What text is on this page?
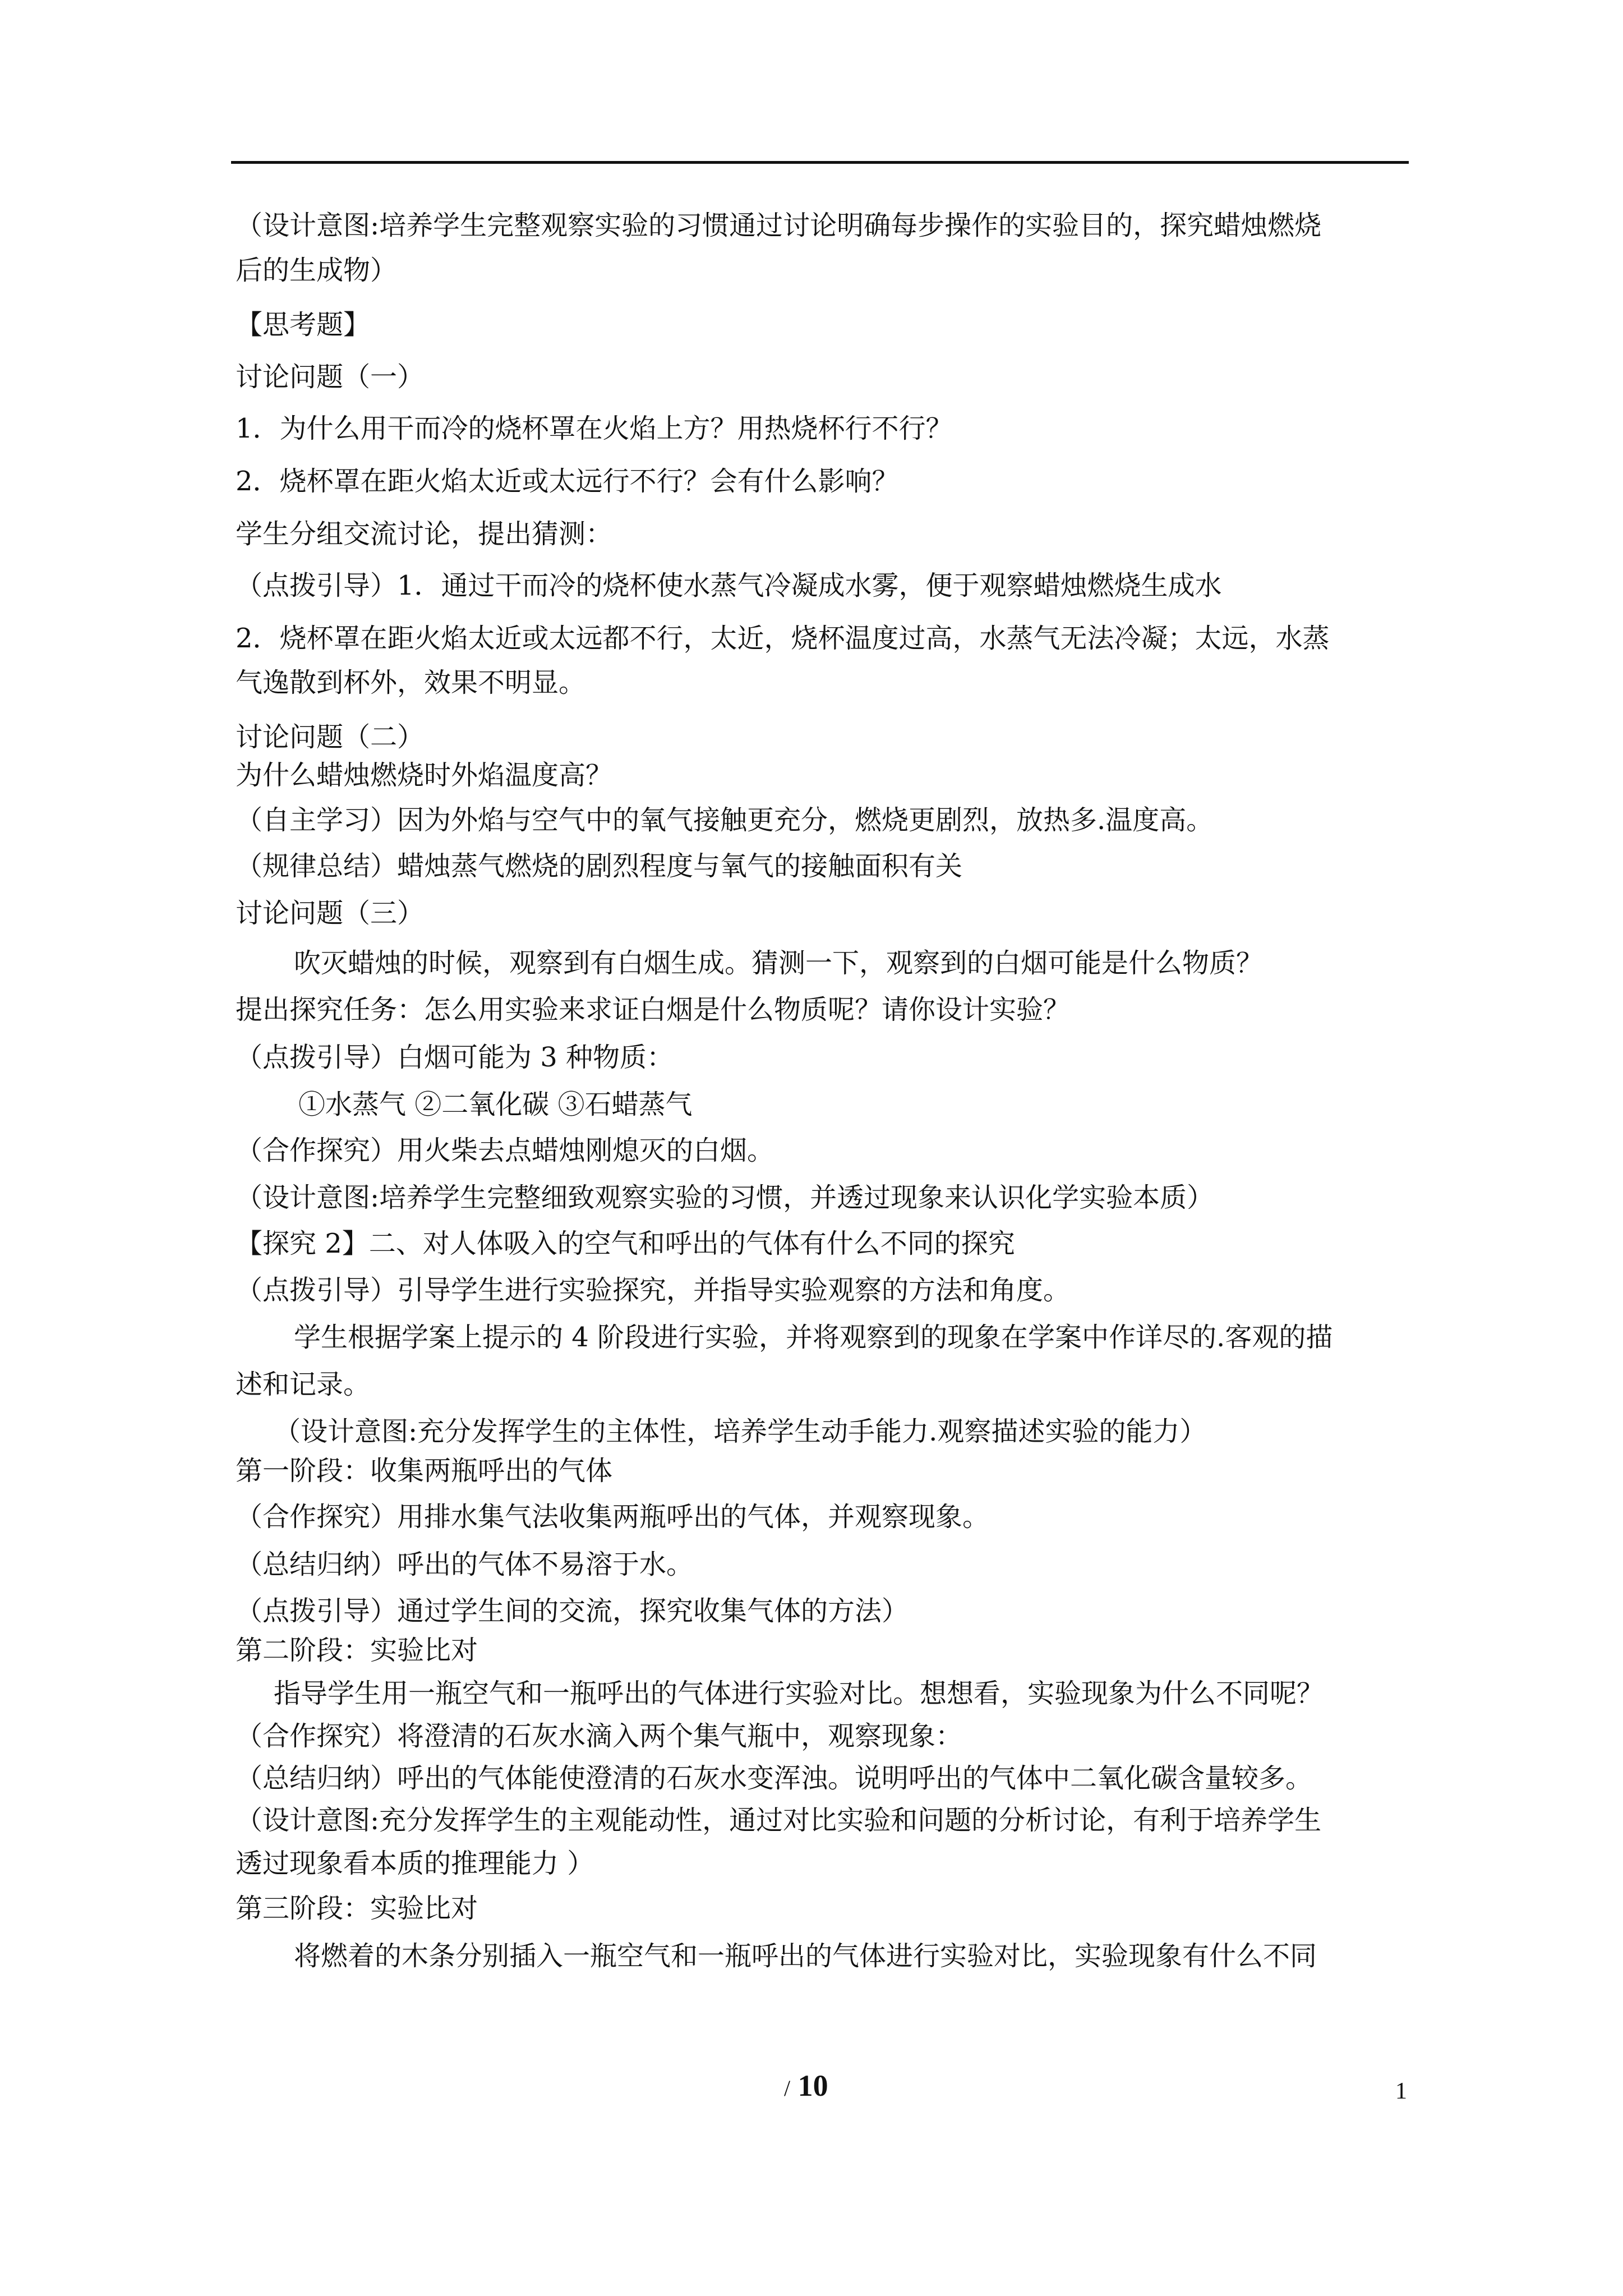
（设计意图:培养学生完整观察实验的习惯通过讨论明确每步操作的实验目的，探究蜡烛燃烧
后的生成物）
【思考题】
讨论问题（一）
1．为什么用干而冷的烧杯罩在火焰上方？用热烧杯行不行？
2．烧杯罩在距火焰太近或太远行不行？会有什么影响？
学生分组交流讨论，提出猜测：
（点拨引导）1．通过干而冷的烧杯使水蒸气冷凝成水雾，便于观察蜡烛燃烧生成水
2．烧杯罩在距火焰太近或太远都不行，太近，烧杯温度过高，水蒸气无法冷凝；太远，水蒸
气逸散到杯外，效果不明显。
讨论问题（二）
为什么蜡烛燃烧时外焰温度高？
（自主学习）因为外焰与空气中的氧气接触更充分，燃烧更剧烈，放热多.温度高。
（规律总结）蜡烛蒸气燃烧的剧烈程度与氧气的接触面积有关
讨论问题（三）
吹灭蜡烛的时候，观察到有白烟生成。猜测一下，观察到的白烟可能是什么物质？
提出探究任务：怎么用实验来求证白烟是什么物质呢？请你设计实验？
（点拨引导）白烟可能为 3 种物质：
①水蒸气 ②二氧化碳 ③石蜡蒸气
（合作探究）用火柴去点蜡烛刚熄灭的白烟。
（设计意图:培养学生完整细致观察实验的习惯，并透过现象来认识化学实验本质）
【探究 2】二、对人体吸入的空气和呼出的气体有什么不同的探究
（点拨引导）引导学生进行实验探究，并指导实验观察的方法和角度。
学生根据学案上提示的 4 阶段进行实验，并将观察到的现象在学案中作详尽的.客观的描
述和记录。
（设计意图:充分发挥学生的主体性，培养学生动手能力.观察描述实验的能力）
第一阶段：收集两瓶呼出的气体
（合作探究）用排水集气法收集两瓶呼出的气体，并观察现象。
（总结归纳）呼出的气体不易溶于水。
（点拨引导）通过学生间的交流，探究收集气体的方法）
第二阶段：实验比对
指导学生用一瓶空气和一瓶呼出的气体进行实验对比。想想看，实验现象为什么不同呢？
（合作探究）将澄清的石灰水滴入两个集气瓶中，观察现象：
（总结归纳）呼出的气体能使澄清的石灰水变浑浊。说明呼出的气体中二氧化碳含量较多。
（设计意图:充分发挥学生的主观能动性，通过对比实验和问题的分析讨论，有利于培养学生
透过现象看本质的推理能力 ）
第三阶段：实验比对
将燃着的木条分别插入一瓶空气和一瓶呼出的气体进行实验对比，实验现象有什么不同
/ 10	1
